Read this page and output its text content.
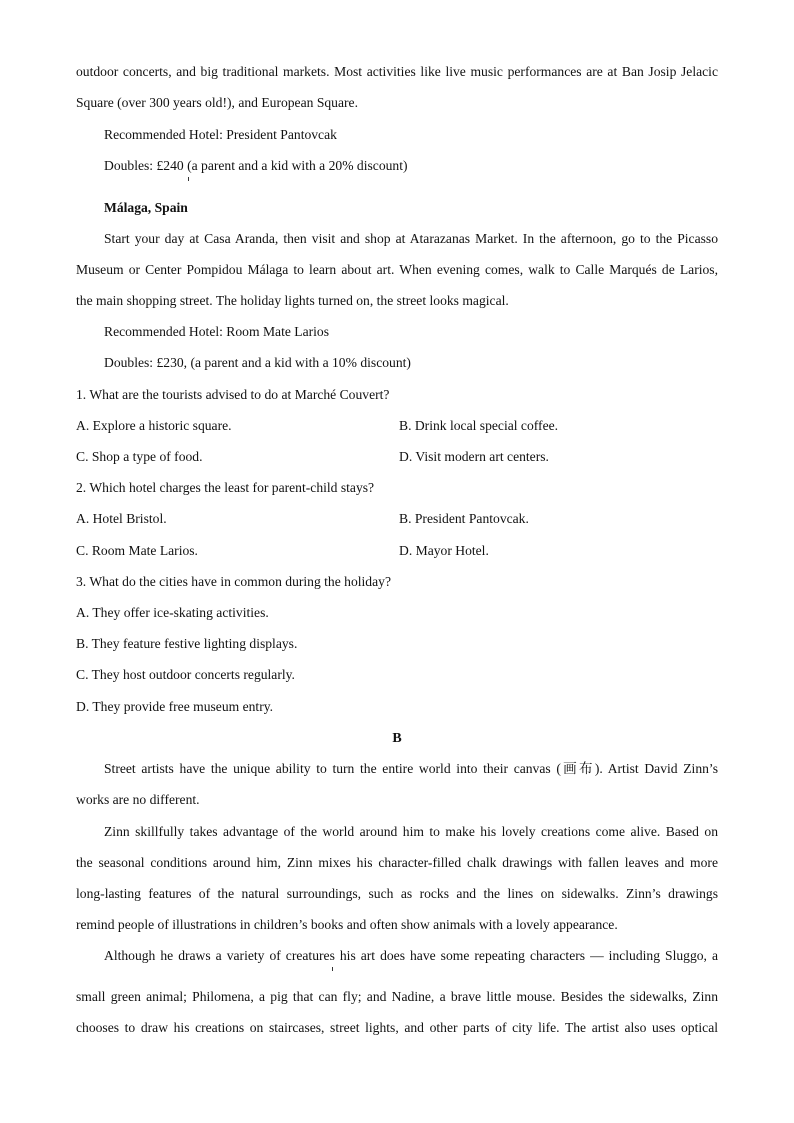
outdoor concerts, and big traditional markets. Most activities like live music performances are at Ban Josip Jelacic
Square (over 300 years old!), and European Square.
Recommended Hotel: President Pantovcak
Doubles: £240 (a parent and a kid with a 20% discount)
Málaga, Spain
Start your day at Casa Aranda, then visit and shop at Atarazanas Market. In the afternoon, go to the Picasso
Museum or Center Pompidou Málaga to learn about art. When evening comes, walk to Calle Marqués de Larios,
the main shopping street. The holiday lights turned on, the street looks magical.
Recommended Hotel: Room Mate Larios
Doubles: £230, (a parent and a kid with a 10% discount)
1. What are the tourists advised to do at Marché Couvert?
A. Explore a historic square.	B. Drink local special coffee.
C. Shop a type of food.	D. Visit modern art centers.
2. Which hotel charges the least for parent-child stays?
A. Hotel Bristol.	B. President Pantovcak.
C. Room Mate Larios.	D. Mayor Hotel.
3. What do the cities have in common during the holiday?
A. They offer ice-skating activities.
B. They feature festive lighting displays.
C. They host outdoor concerts regularly.
D. They provide free museum entry.
B
Street artists have the unique ability to turn the entire world into their canvas (画布). Artist David Zinn’s
works are no different.
Zinn skillfully takes advantage of the world around him to make his lovely creations come alive. Based on
the seasonal conditions around him, Zinn mixes his character-filled chalk drawings with fallen leaves and more
long-lasting features of the natural surroundings, such as rocks and the lines on sidewalks. Zinn’s drawings
remind people of illustrations in children’s books and often show animals with a lovely appearance.
Although he draws a variety of creatures his art does have some repeating characters — including Sluggo, a
small green animal; Philomena, a pig that can fly; and Nadine, a brave little mouse. Besides the sidewalks, Zinn
chooses to draw his creations on staircases, street lights, and other parts of city life. The artist also uses optical
